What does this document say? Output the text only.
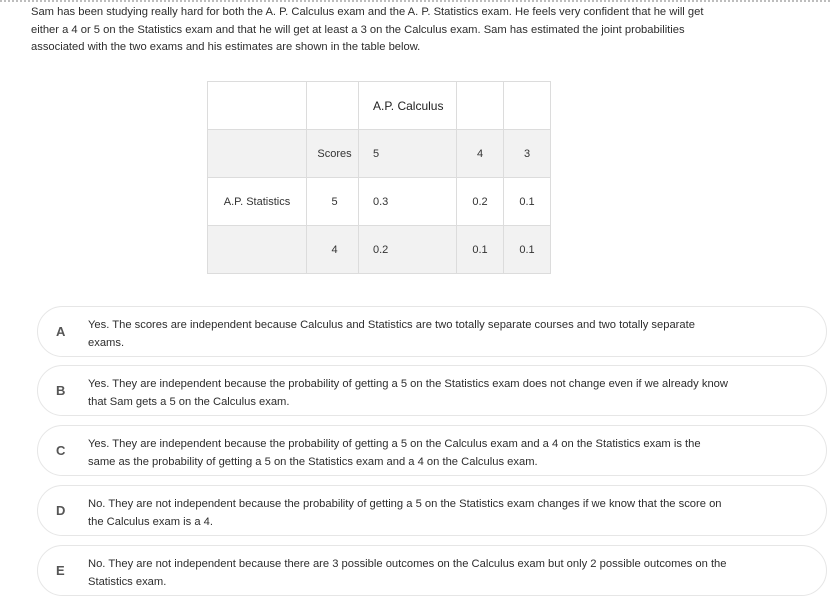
Sam has been studying really hard for both the A. P. Calculus exam and the A. P. Statistics exam. He feels very confident that he will get either a 4 or 5 on the Statistics exam and that he will get at least a 3 on the Calculus exam. Sam has estimated the joint probabilities associated with the two exams and his estimates are shown in the table below.
		A.P. Calculus		
	Scores	5	4	3
A.P. Statistics	5	0.3	0.2	0.1
	4	0.2	0.1	0.1
A Yes. The scores are independent because Calculus and Statistics are two totally separate courses and two totally separate exams.
B Yes. They are independent because the probability of getting a 5 on the Statistics exam does not change even if we already know that Sam gets a 5 on the Calculus exam.
C Yes. They are independent because the probability of getting a 5 on the Calculus exam and a 4 on the Statistics exam is the same as the probability of getting a 5 on the Statistics exam and a 4 on the Calculus exam.
D No. They are not independent because the probability of getting a 5 on the Statistics exam changes if we know that the score on the Calculus exam is a 4.
E No. They are not independent because there are 3 possible outcomes on the Calculus exam but only 2 possible outcomes on the Statistics exam.
